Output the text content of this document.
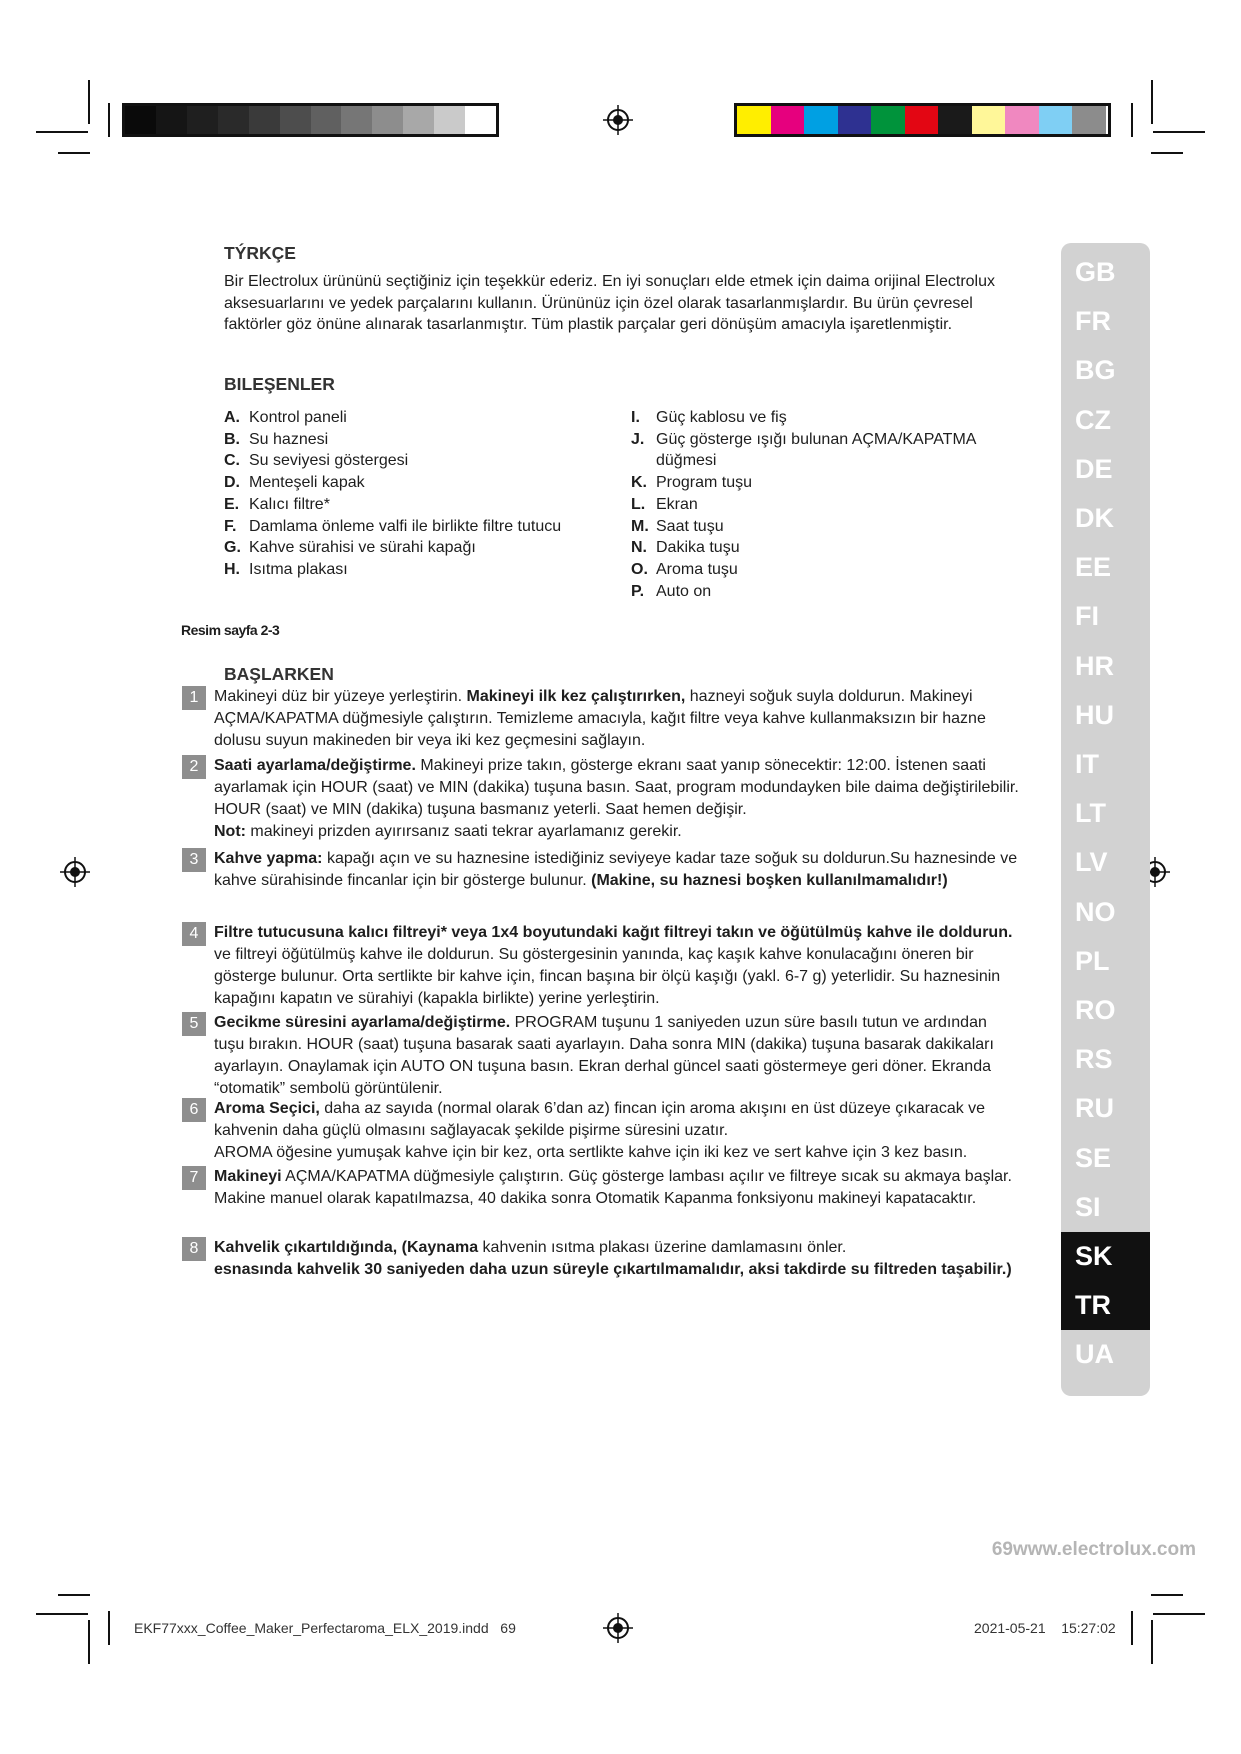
TÝRKÇE
Bir Electrolux ürününü seçtiğiniz için teşekkür ederiz. En iyi sonuçları elde etmek için daima orijinal Electrolux aksesuarlarını ve yedek parçalarını kullanın. Ürününüz için özel olarak tasarlanmışlardır. Bu ürün çevresel faktörler göz önüne alınarak tasarlanmıştır. Tüm plastik parçalar geri dönüşüm amacıyla işaretlenmiştir.
BILEŞENLER
A. Kontrol paneli
B. Su haznesi
C. Su seviyesi göstergesi
D. Menteşeli kapak
E. Kalıcı filtre*
F. Damlama önleme valfi ile birlikte filtre tutucu
G. Kahve sürahisi ve sürahi kapağı
H. Isıtma plakası
I.	Güç kablosu ve fiş
J. Güç gösterge ışığı bulunan AÇMA/KAPATMA
düğmesi
K. Program tuşu
L. Ekran
M. Saat tuşu
N. Dakika tuşu
O. Aroma tuşu
P. Auto on
Resim sayfa 2-3
BAŞLARKEN
1 Makineyi düz bir yüzeye yerleştirin. Makineyi ilk kez çalıştırırken, hazneyi soğuk suyla doldurun. Makineyi AÇMA/KAPATMA düğmesiyle çalıştırın. Temizleme amacıyla, kağıt filtre veya kahve kullanmaksızın bir hazne dolusu suyun makineden bir veya iki kez geçmesini sağlayın.
2 Saati ayarlama/değiştirme. Makineyi prize takın, gösterge ekranı saat yanıp sönecektir: 12:00. İstenen saati ayarlamak için HOUR (saat) ve MIN (dakika) tuşuna basın. Saat, program modundayken bile daima değiştirilebilir. HOUR (saat) ve MIN (dakika) tuşuna basmanız yeterli. Saat hemen değişir.
Not: makineyi prizden ayırırsanız saati tekrar ayarlamanız gerekir.
3 Kahve yapma: kapağı açın ve su haznesine istediğiniz seviyeye kadar taze soğuk su doldurun.Su haznesinde ve kahve sürahisinde fincanlar için bir gösterge bulunur. (Makine, su haznesi boşken kullanılmamalıdır!)
4 Filtre tutucusuna kalıcı filtreyi* veya 1x4 boyutundaki kağıt filtreyi takın ve öğütülmüş kahve ile doldurun. ve filtreyi öğütülmüş kahve ile doldurun. Su göstergesinin yanında, kaç kaşık kahve konulacağını öneren bir gösterge bulunur. Orta sertlikte bir kahve için, fincan başına bir ölçü kaşığı (yakl. 6-7 g) yeterlidir. Su haznesinin kapağını kapatın ve sürahiyi (kapakla birlikte) yerine yerleştirin.
5 Gecikme süresini ayarlama/değiştirme. PROGRAM tuşunu 1 saniyeden uzun süre basılı tutun ve ardından tuşu bırakın. HOUR (saat) tuşuna basarak saati ayarlayın. Daha sonra MIN (dakika) tuşuna basarak dakikaları ayarlayın. Onaylamak için AUTO ON tuşuna basın. Ekran derhal güncel saati göstermeye geri döner. Ekranda “otomatik” sembolü görüntülenir.
6 Aroma Seçici, daha az sayıda (normal olarak 6’dan az) fincan için aroma akışını en üst düzeye çıkaracak ve kahvenin daha güçlü olmasını sağlayacak şekilde pişirme süresini uzatır.
AROMA öğesine yumuşak kahve için bir kez, orta sertlikte kahve için iki kez ve sert kahve için 3 kez basın.
7 Makineyi AÇMA/KAPATMA düğmesiyle çalıştırın. Güç gösterge lambası açılır ve filtreye sıcak su akmaya başlar. Makine manuel olarak kapatılmazsa, 40 dakika sonra Otomatik Kapanma fonksiyonu makineyi kapatacaktır.
8 Kahvelik çıkartıldığında, (Kaynama kahvenin ısıtma plakası üzerine damlamasını önler.
esnasında kahvelik 30 saniyeden daha uzun süreyle çıkartılmamalıdır, aksi takdirde su filtreden taşabilir.)
GB
FR
BG
CZ
DE
DK
EE
FI
HR
HU
IT
LT
LV
NO
PL
RO
RS
RU
SE
SI
SK
TR
UA
69www.electrolux.com
EKF77xxx_Coffee_Maker_Perfectaroma_ELX_2019.indd 69	2021-05-21 15:27:02
